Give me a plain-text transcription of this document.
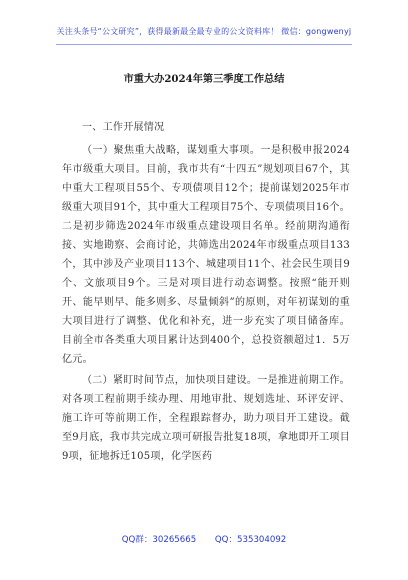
关注头条号“公文研究”，获得最新最全最专业的公文资料库！ 微信：gongwenyj
市重大办2024年第三季度工作总结

一、工作开展情况

（一）聚焦重大战略，谋划重大事项。一是积极申报2024年市级重大项目。目前，我市共有“十四五”规划项目67个，其中重大工程项目55个、专项债项目12个；提前谋划2025年市级重大项目91个，其中重大工程项目75个、专项债项目16个。二是初步筛选2024年市级重点建设项目名单。经前期沟通衔接、实地勘察、会商讨论，共筛选出2024年市级重点项目133个，其中涉及产业项目113个、城建项目11个、社会民生项目9个、文旅项目9个。三是对项目进行动态调整。按照“能开则开、能早则早、能多则多、尽量倾斜”的原则，对年初谋划的重大项目进行了调整、优化和补充，进一步充实了项目储备库。目前全市各类重大项目累计达到400个，总投资额超过1．5万亿元。

（二）紧盯时间节点，加快项目建设。一是推进前期工作。对各项工程前期手续办理、用地审批、规划选址、环评安评、施工许可等前期工作，全程跟踪督办，助力项目开工建设。截至9月底，我市共完成立项可研报告批复18项，拿地即开工项目9项，征地拆迁105项，化学医药

QQ群：30265665 QQ：535304092
